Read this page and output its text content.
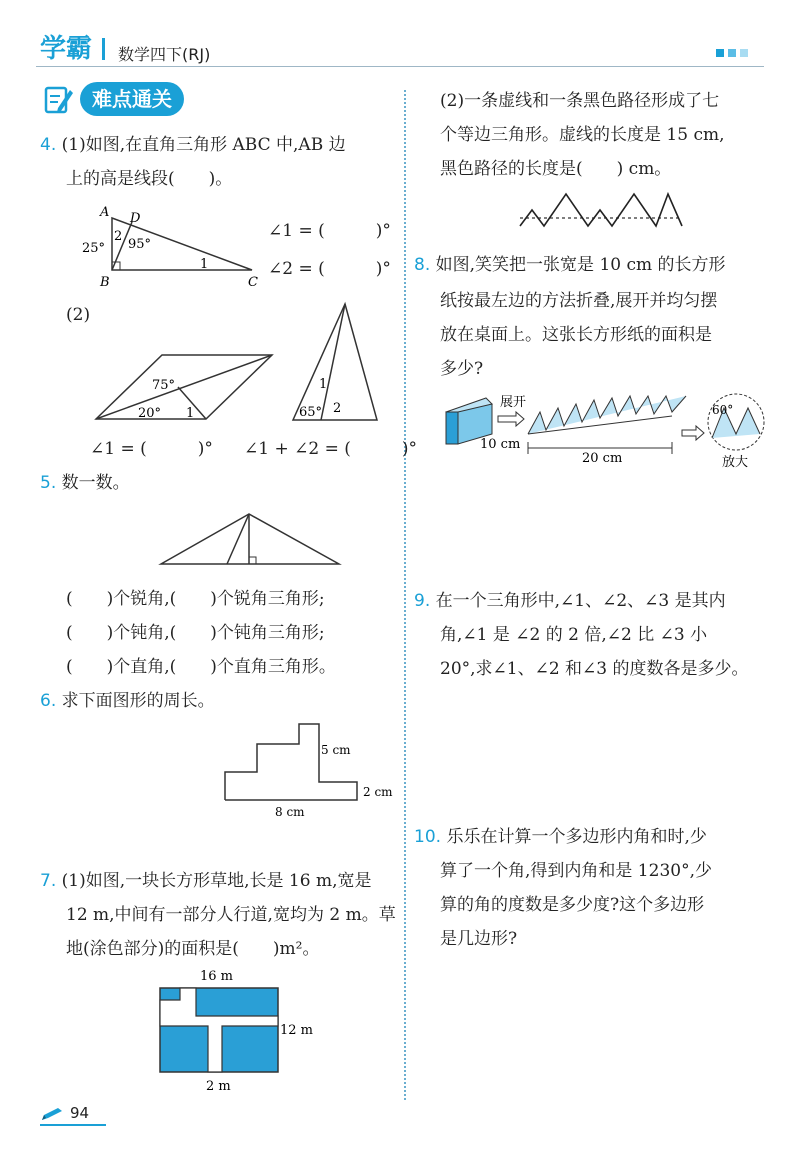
学霸 数学四下(RJ)
难点通关
4. (1)如图,在直角三角形 ABC 中,AB 边
上的高是线段(　　)。
A D
B	C
25°
2
95°
1
∠1 = (　　　)°
∠2 = (　　　)°
(2)
75°
20° 1
1
65° 2
∠1 = (　　　)° ∠1 + ∠2 = (　　　)°
5. 数一数。
(　　)个锐角,(　　)个锐角三角形;
(　　)个钝角,(　　)个钝角三角形;
(　　)个直角,(　　)个直角三角形。
6. 求下面图形的周长。
5 cm
2 cm
8 cm
7. (1)如图,一块长方形草地,长是 16 m,宽是
12 m,中间有一部分人行道,宽均为 2 m。草
地(涂色部分)的面积是(　　)m²。
16 m
12 m
2 m
(2)一条虚线和一条黑色路径形成了七
个等边三角形。虚线的长度是 15 cm,
黑色路径的长度是(　　) cm。
8. 如图,笑笑把一张宽是 10 cm 的长方形
纸按最左边的方法折叠,展开并均匀摆
放在桌面上。这张长方形纸的面积是
多少?
展开
10 cm
20 cm
60°
放大
9. 在一个三角形中,∠1、∠2、∠3 是其内
角,∠1 是 ∠2 的 2 倍,∠2 比 ∠3 小
20°,求∠1、∠2 和∠3 的度数各是多少。
10. 乐乐在计算一个多边形内角和时,少
算了一个角,得到内角和是 1230°,少
算的角的度数是多少度?这个多边形
是几边形?
94
